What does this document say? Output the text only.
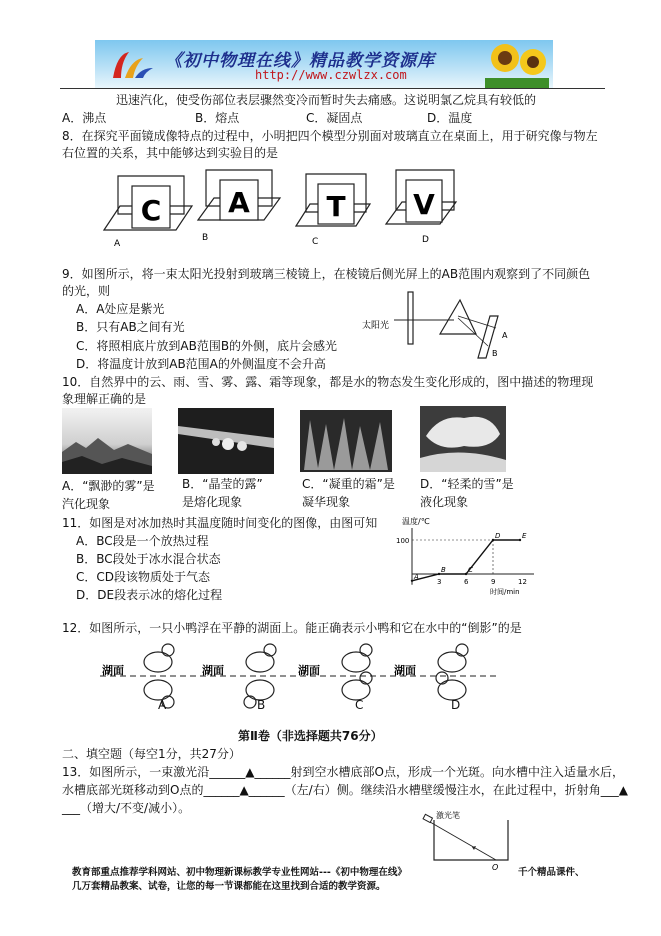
《初中物理在线》精品教学资源库
http://www.czwlzx.com
迅速汽化，使受伤部位表层骤然变冷而暂时失去痛感。这说明氯乙烷具有较低的
A．沸点	B．熔点	C．凝固点	D．温度
8．在探究平面镜成像特点的过程中，小明把四个模型分别面对玻璃直立在桌面上，用于研究像与物左
右位置的关系，其中能够达到实验目的是
C
A
A
B
T
C
V
D
9．如图所示，将一束太阳光投射到玻璃三棱镜上，在棱镜后侧光屏上的AB范围内观察到了不同颜色
的光，则
A．A处应是紫光
B．只有AB之间有光
C．将照相底片放到AB范围B的外侧，底片会感光
D．将温度计放到AB范围A的外侧温度不会升高
太阳光
A
B
10．自然界中的云、雨、雪、雾、露、霜等现象，都是水的物态发生变化形成的，图中描述的物理现
象理解正确的是
A．“飘渺的雾”是
汽化现象
B．“晶莹的露”
是熔化现象
C．“凝重的霜”是
凝华现象
D．“轻柔的雪”是
液化现象
11．如图是对冰加热时其温度随时间变化的图像，由图可知
A．BC段是一个放热过程
B．BC段处于冰水混合状态
C．CD段该物质处于气态
D．DE段表示冰的熔化过程
温度/℃
时间/min
3	6	9	12
100
A
B	C
D	E
12．如图所示，一只小鸭浮在平静的湖面上。能正确表示小鸭和它在水中的“倒影”的是
湖面	湖面	湖面	湖面
A	B	C	D
第Ⅱ卷（非选择题共76分）
二、填空题（每空1分，共27分）
13．如图所示，一束激光沿______▲______射到空水槽底部O点，形成一个光斑。向水槽中注入适量水后，
水槽底部光斑移动到O点的______▲______（左/右）侧。继续沿水槽壁缓慢注水，在此过程中，折射角___▲
___（增大/不变/减小）。
激光笔
O
教育部重点推荐学科网站、初中物理新课标教学专业性网站---《初中物理在线》	千个精品课件、
几万套精品教案、试卷，让您的每一节课都能在这里找到合适的教学资源。
